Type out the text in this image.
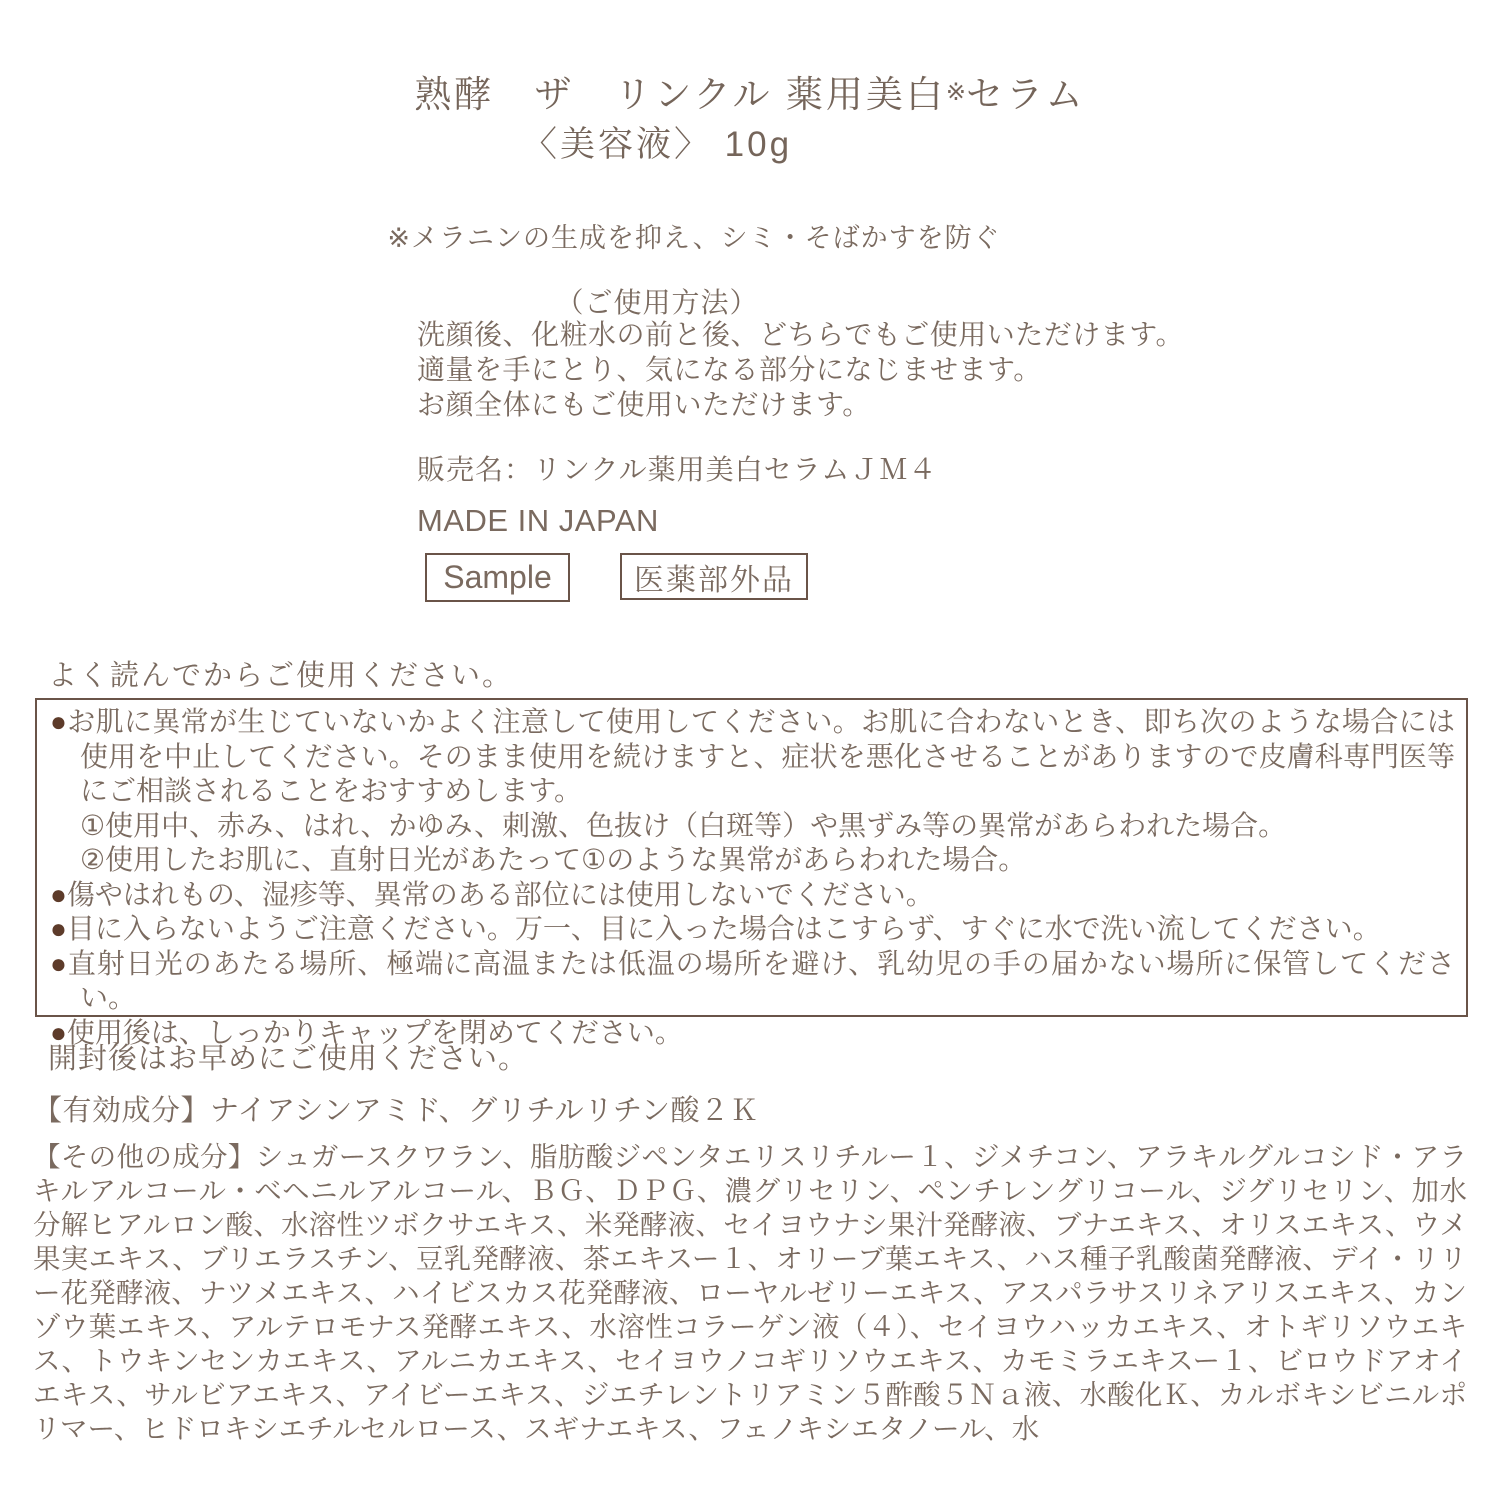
熟酵　ザ　リンクル 薬用美白※セラム
〈美容液〉 10g
※メラニンの生成を抑え、シミ・そばかすを防ぐ
（ご使用方法）
洗顔後、化粧水の前と後、どちらでもご使用いただけます。
適量を手にとり、気になる部分になじませます。
お顔全体にもご使用いただけます。
販売名：リンクル薬用美白セラムＪＭ４
MADE IN JAPAN
Sample	医薬部外品
よく読んでからご使用ください。
●お肌に異常が生じていないかよく注意して使用してください。お肌に合わないとき、即ち次のような場合には使用を中止してください。そのまま使用を続けますと、症状を悪化させることがありますので皮膚科専門医等にご相談されることをおすすめします。
①使用中、赤み、はれ、かゆみ、刺激、色抜け（白斑等）や黒ずみ等の異常があらわれた場合。
②使用したお肌に、直射日光があたって①のような異常があらわれた場合。
●傷やはれもの、湿疹等、異常のある部位には使用しないでください。
●目に入らないようご注意ください。万一、目に入った場合はこすらず、すぐに水で洗い流してください。
●直射日光のあたる場所、極端に高温または低温の場所を避け、乳幼児の手の届かない場所に保管してください。
●使用後は、しっかりキャップを閉めてください。
開封後はお早めにご使用ください。
【有効成分】ナイアシンアミド、グリチルリチン酸２Ｋ
【その他の成分】シュガースクワラン、脂肪酸ジペンタエリスリチルー１、ジメチコン、アラキルグルコシド・アラキルアルコール・ベヘニルアルコール、ＢＧ、ＤＰＧ、濃グリセリン、ペンチレングリコール、ジグリセリン、加水分解ヒアルロン酸、水溶性ツボクサエキス、米発酵液、セイヨウナシ果汁発酵液、ブナエキス、オリスエキス、ウメ果実エキス、ブリエラスチン、豆乳発酵液、茶エキスー１、オリーブ葉エキス、ハス種子乳酸菌発酵液、デイ・リリー花発酵液、ナツメエキス、ハイビスカス花発酵液、ローヤルゼリーエキス、アスパラサスリネアリスエキス、カンゾウ葉エキス、アルテロモナス発酵エキス、水溶性コラーゲン液（４）、セイヨウハッカエキス、オトギリソウエキス、トウキンセンカエキス、アルニカエキス、セイヨウノコギリソウエキス、カモミラエキスー１、ビロウドアオイエキス、サルビアエキス、アイビーエキス、ジエチレントリアミン５酢酸５Ｎａ液、水酸化Ｋ、カルボキシビニルポリマー、ヒドロキシエチルセルロース、スギナエキス、フェノキシエタノール、水
